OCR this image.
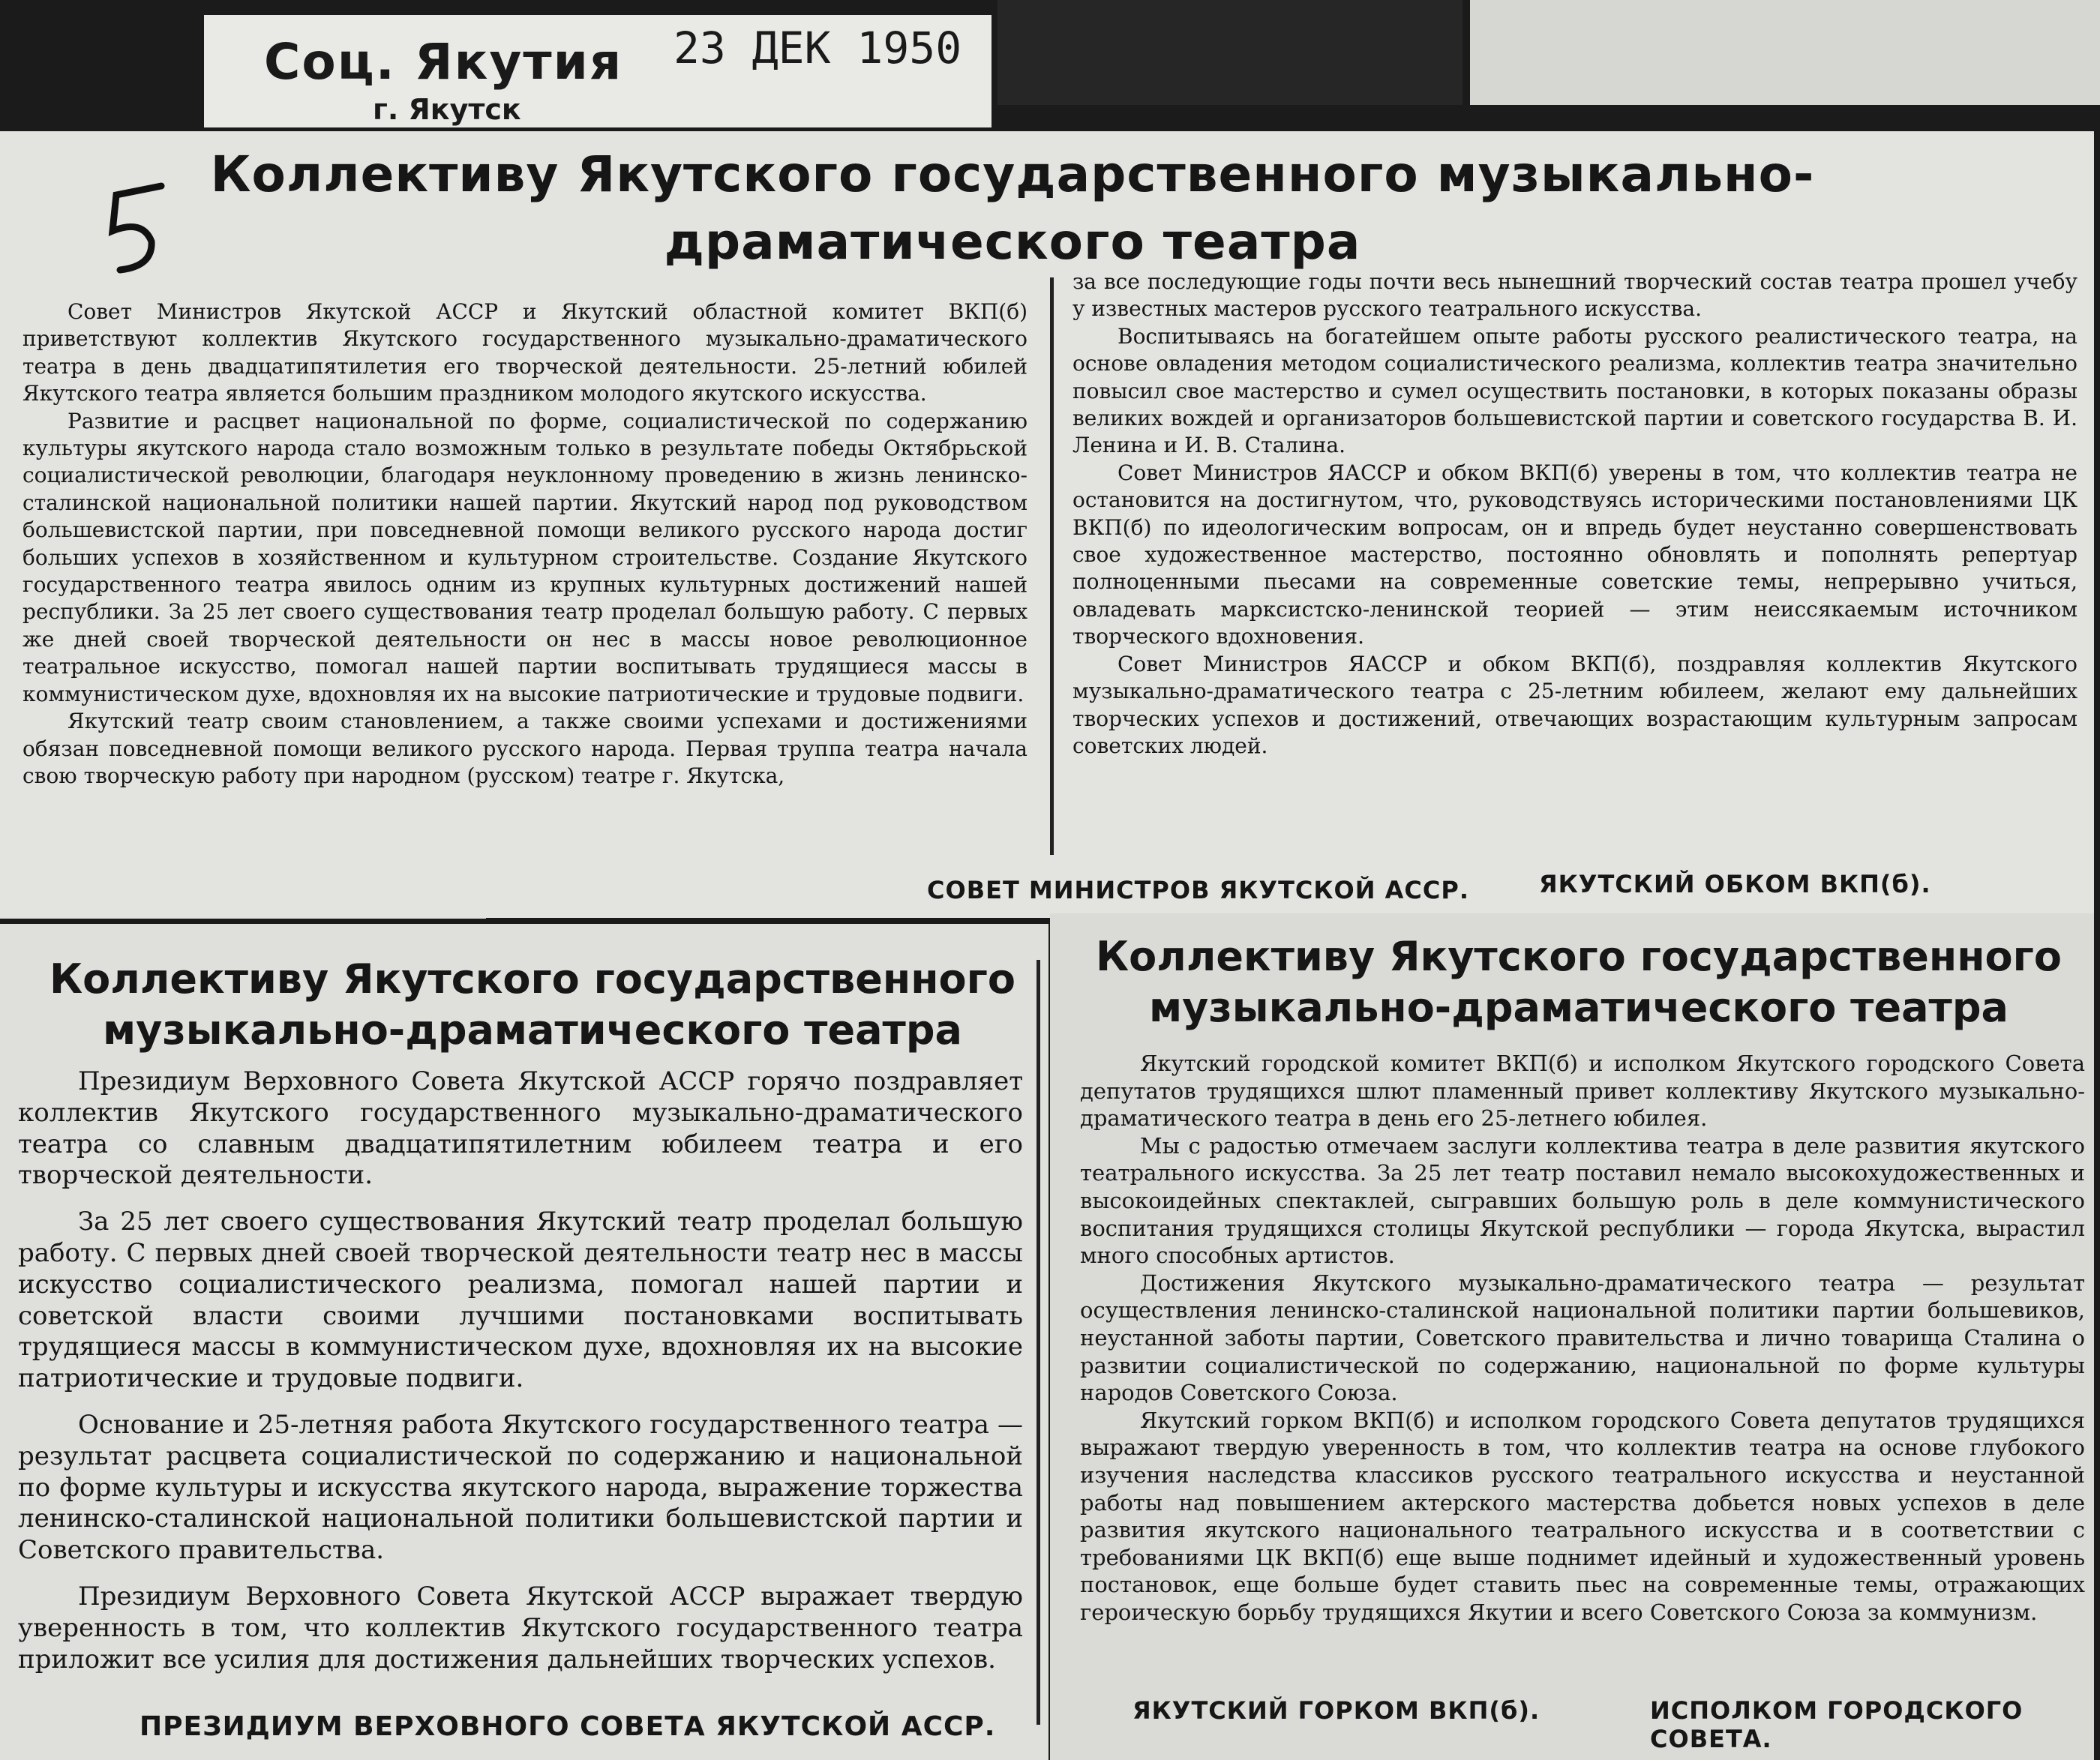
Соц. Якутия 23 ДЕК 1950
г. Якутск
Коллективу Якутского государственного музыкально-драматического театра

Совет Министров Якутской АССР и Якутский областной комитет ВКП(б) приветствуют коллектив Якутского государственного музыкально-драматического театра в день двадцатипятилетия его творческой деятельности. 25-летний юбилей Якутского театра является большим праздником молодого якутского искусства.

Развитие и расцвет национальной по форме, социалистической по содержанию культуры якутского народа стало возможным только в результате победы Октябрьской социалистической революции, благодаря неуклонному проведению в жизнь ленинско-сталинской национальной политики нашей партии. Якутский народ под руководством большевистской партии, при повседневной помощи великого русского народа достиг больших успехов в хозяйственном и культурном строительстве. Создание Якутского государственного театра явилось одним из крупных культурных достижений нашей республики. За 25 лет своего существования театр проделал большую работу. С первых же дней своей творческой деятельности он нес в массы новое революционное театральное искусство, помогал нашей партии воспитывать трудящиеся массы в коммунистическом духе, вдохновляя их на высокие патриотические и трудовые подвиги.

Якутский театр своим становлением, а также своими успехами и достижениями обязан повседневной помощи великого русского народа. Первая труппа театра начала свою творческую работу при народном (русском) театре г. Якутска,

за все последующие годы почти весь нынешний творческий состав театра прошел учебу у известных мастеров русского театрального искусства.

Воспитываясь на богатейшем опыте работы русского реалистического театра, на основе овладения методом социалистического реализма, коллектив театра значительно повысил свое мастерство и сумел осуществить постановки, в которых показаны образы великих вождей и организаторов большевистской партии и советского государства В. И. Ленина и И. В. Сталина.

Совет Министров ЯАССР и обком ВКП(б) уверены в том, что коллектив театра не остановится на достигнутом, что, руководствуясь историческими постановлениями ЦК ВКП(б) по идеологическим вопросам, он и впредь будет неустанно совершенствовать свое художественное мастерство, постоянно обновлять и пополнять репертуар полноценными пьесами на современные советские темы, непрерывно учиться, овладевать марксистско-ленинской теорией — этим неиссякаемым источником творческого вдохновения.

Совет Министров ЯАССР и обком ВКП(б), поздравляя коллектив Якутского музыкально-драматического театра с 25-летним юбилеем, желают ему дальнейших творческих успехов и достижений, отвечающих возрастающим культурным запросам советских людей.

СОВЕТ МИНИСТРОВ ЯКУТСКОЙ АССР.	ЯКУТСКИЙ ОБКОМ ВКП(б).
Коллективу Якутского государственного музыкально-драматического театра

Президиум Верховного Совета Якутской АССР горячо поздравляет коллектив Якутского государственного музыкально-драматического театра со славным двадцатипятилетним юбилеем театра и его творческой деятельности.

За 25 лет своего существования Якутский театр проделал большую работу. С первых дней своей творческой деятельности театр нес в массы искусство социалистического реализма, помогал нашей партии и советской власти своими лучшими постановками воспитывать трудящиеся массы в коммунистическом духе, вдохновляя их на высокие патриотические и трудовые подвиги.

Основание и 25-летняя работа Якутского государственного театра — результат расцвета социалистической по содержанию и национальной по форме культуры и искусства якутского народа, выражение торжества ленинско-сталинской национальной политики большевистской партии и Советского правительства.

Президиум Верховного Совета Якутской АССР выражает твердую уверенность в том, что коллектив Якутского государственного театра приложит все усилия для достижения дальнейших творческих успехов.

ПРЕЗИДИУМ ВЕРХОВНОГО СОВЕТА ЯКУТСКОЙ АССР.
Коллективу Якутского государственного музыкально-драматического театра

Якутский городской комитет ВКП(б) и исполком Якутского городского Совета депутатов трудящихся шлют пламенный привет коллективу Якутского музыкально-драматического театра в день его 25-летнего юбилея.

Мы с радостью отмечаем заслуги коллектива театра в деле развития якутского театрального искусства. За 25 лет театр поставил немало высокохудожественных и высокоидейных спектаклей, сыгравших большую роль в деле коммунистического воспитания трудящихся столицы Якутской республики — города Якутска, вырастил много способных артистов.

Достижения Якутского музыкально-драматического театра — результат осуществления ленинско-сталинской национальной политики партии большевиков, неустанной заботы партии, Советского правительства и лично товарища Сталина о развитии социалистической по содержанию, национальной по форме культуры народов Советского Союза.

Якутский горком ВКП(б) и исполком городского Совета депутатов трудящихся выражают твердую уверенность в том, что коллектив театра на основе глубокого изучения наследства классиков русского театрального искусства и неустанной работы над повышением актерского мастерства добьется новых успехов в деле развития якутского национального театрального искусства и в соответствии с требованиями ЦК ВКП(б) еще выше поднимет идейный и художественный уровень постановок, еще больше будет ставить пьес на современные темы, отражающих героическую борьбу трудящихся Якутии и всего Советского Союза за коммунизм.

ЯКУТСКИЙ ГОРКОМ ВКП(б).	ИСПОЛКОМ ГОРОДСКОГО СОВЕТА.
